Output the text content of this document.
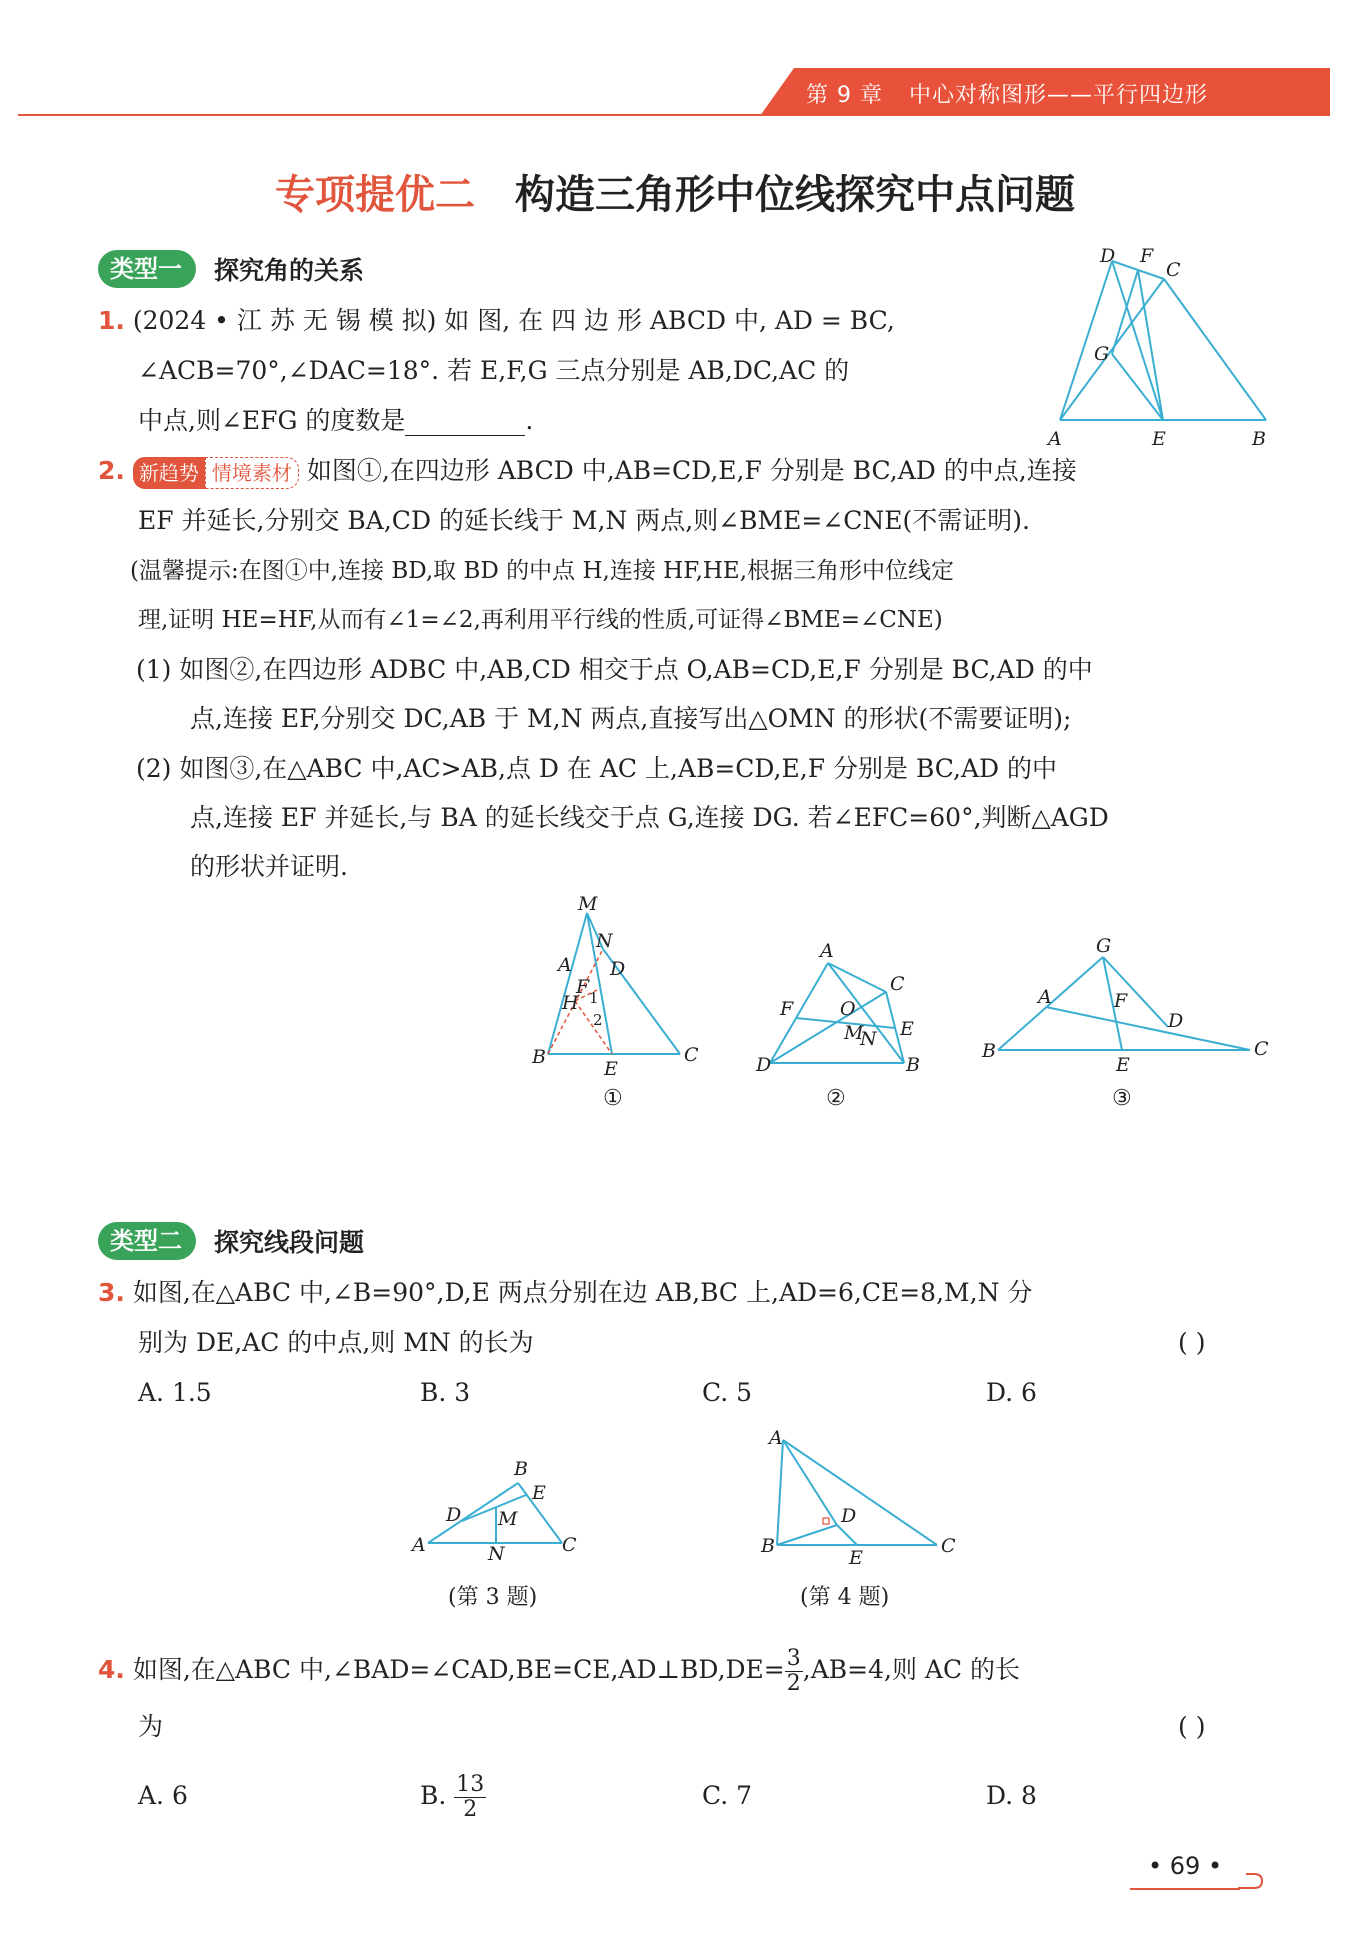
第 9 章 中心对称图形——平行四边形
专项提优二 构造三角形中位线探究中点问题
类型一 探究角的关系
1. (2024 • 江 苏 无 锡 模 拟) 如 图, 在 四 边 形 ABCD 中, AD = BC,
∠ACB=70°,∠DAC=18°. 若 E,F,G 三点分别是 AB,DC,AC 的
中点,则∠EFG 的度数是	.
A	E	B
D F
C
G
2. 新趋势 情境素材 如图①,在四边形 ABCD 中,AB=CD,E,F 分别是 BC,AD 的中点,连接
EF 并延长,分别交 BA,CD 的延长线于 M,N 两点,则∠BME=∠CNE(不需证明).
(温馨提示:在图①中,连接 BD,取 BD 的中点 H,连接 HF,HE,根据三角形中位线定
理,证明 HE=HF,从而有∠1=∠2,再利用平行线的性质,可证得∠BME=∠CNE)
(1) 如图②,在四边形 ADBC 中,AB,CD 相交于点 O,AB=CD,E,F 分别是 BC,AD 的中
点,连接 EF,分别交 DC,AB 于 M,N 两点,直接写出△OMN 的形状(不需要证明);
(2) 如图③,在△ABC 中,AC>AB,点 D 在 AC 上,AB=CD,E,F 分别是 BC,AD 的中
点,连接 EF 并延长,与 BA 的延长线交于点 G,连接 DG. 若∠EFC=60°,判断△AGD
的形状并证明.
M
N
A D
F
H 1
2
B
E
C
①
A
C
F O
M
N E
D	B
②
G
A	F
D
B
E
C
③
类型二 探究线段问题
3. 如图,在△ABC 中,∠B=90°,D,E 两点分别在边 AB,BC 上,AD=6,CE=8,M,N 分
别为 DE,AC 的中点,则 MN 的长为	( )
A. 1.5	B. 3	C. 5	D. 6
B
E
D M
A	N	C
(第 3 题)
A
D
B
E
C
(第 4 题)
4. 如图,在△ABC 中,∠BAD=∠CAD,BE=CE,AD⊥BD,DE= $\frac{3}{2} ,AB=4$,则 AC 的长
为	( )
A. 6	B. $\frac{13}{2}$	C. 7	D. 8
• 69 •
